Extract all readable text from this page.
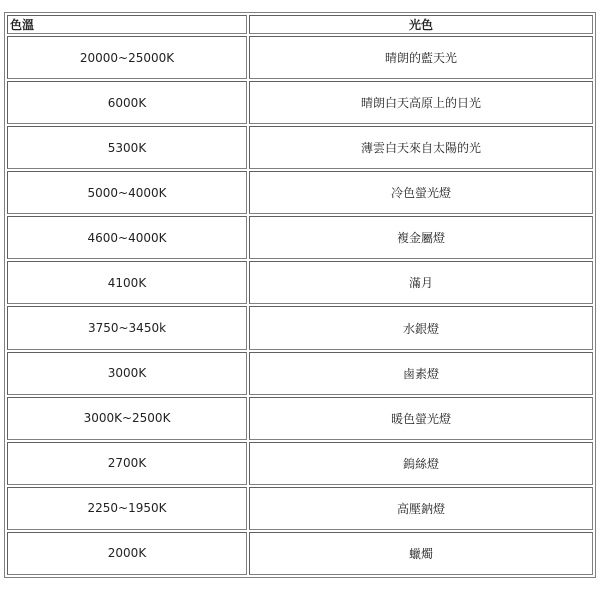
色溫	光色
20000~25000K	晴朗的藍天光
6000K	晴朗白天高原上的日光
5300K	薄雲白天來自太陽的光
5000~4000K	冷色螢光燈
4600~4000K	複金屬燈
4100K	滿月
3750~3450k	水銀燈
3000K	鹵素燈
3000K~2500K	暖色螢光燈
2700K	鎢絲燈
2250~1950K	高壓鈉燈
2000K	蠟燭
